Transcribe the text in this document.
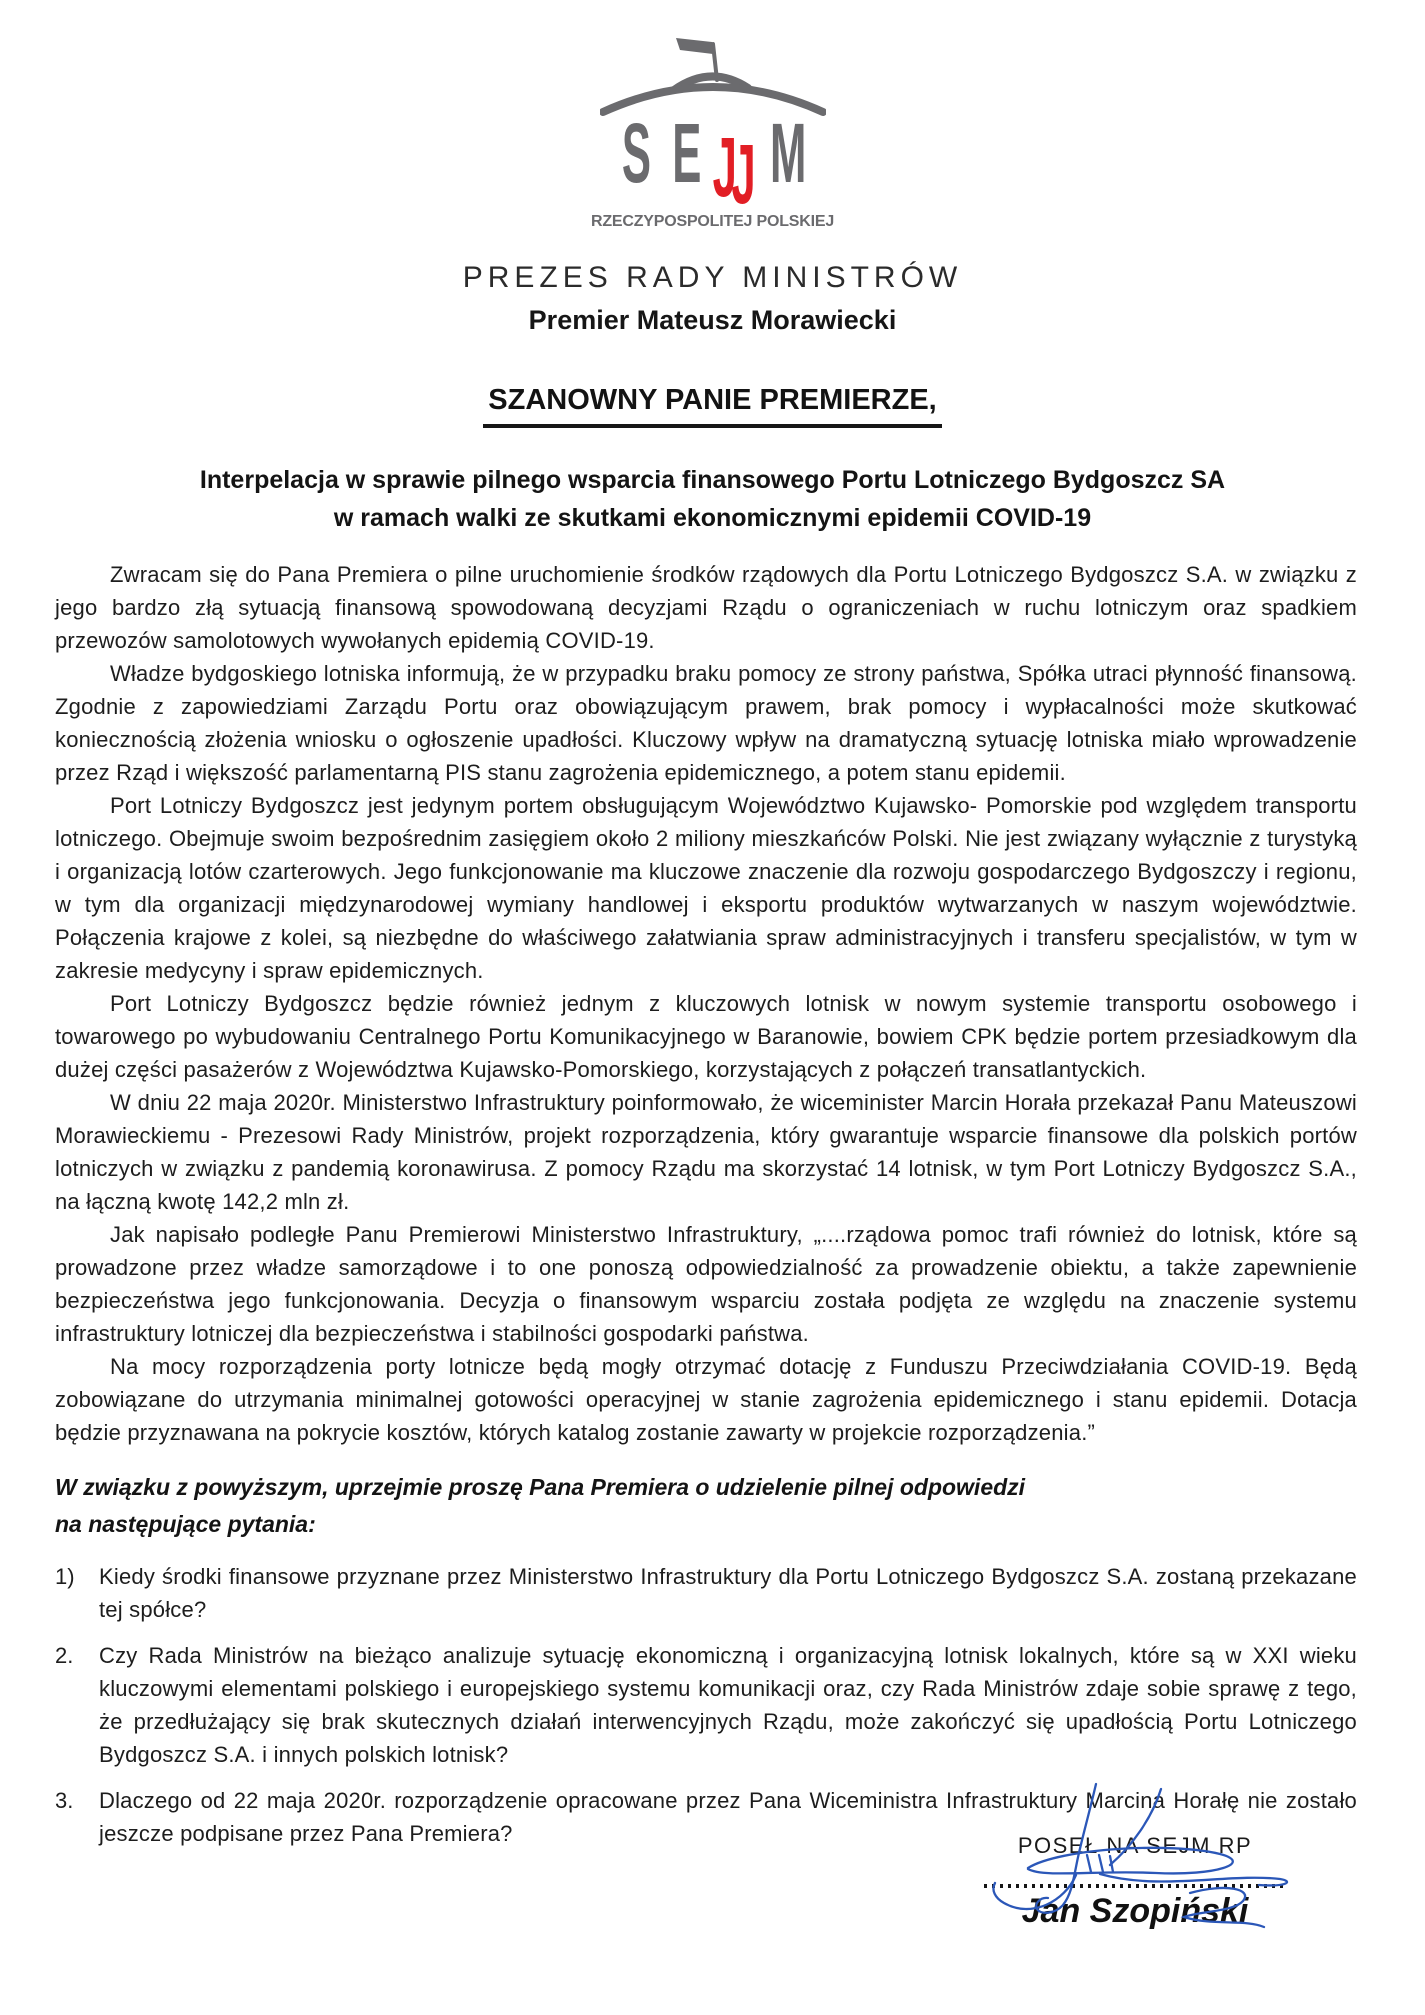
S E J
J M
RZECZYPOSPOLITEJ POLSKIEJ
PREZES RADY MINISTRÓW
Premier Mateusz Morawiecki
SZANOWNY PANIE PREMIERZE,
Interpelacja w sprawie pilnego wsparcia finansowego Portu Lotniczego Bydgoszcz SA
w ramach walki ze skutkami ekonomicznymi epidemii COVID-19

Zwracam się do Pana Premiera o pilne uruchomienie środków rządowych dla Portu Lotniczego Bydgoszcz S.A. w związku z jego bardzo złą sytuacją finansową spowodowaną decyzjami Rządu o ograniczeniach w ruchu lotniczym oraz spadkiem przewozów samolotowych wywołanych epidemią COVID-19.

Władze bydgoskiego lotniska informują, że w przypadku braku pomocy ze strony państwa, Spółka utraci płynność finansową. Zgodnie z zapowiedziami Zarządu Portu oraz obowiązującym prawem, brak pomocy i wypłacalności może skutkować koniecznością złożenia wniosku o ogłoszenie upadłości. Kluczowy wpływ na dramatyczną sytuację lotniska miało wprowadzenie przez Rząd i większość parlamentarną PIS stanu zagrożenia epidemicznego, a potem stanu epidemii.

Port Lotniczy Bydgoszcz jest jedynym portem obsługującym Województwo Kujawsko- Pomorskie pod względem transportu lotniczego. Obejmuje swoim bezpośrednim zasięgiem około 2 miliony mieszkańców Polski. Nie jest związany wyłącznie z turystyką i organizacją lotów czarterowych. Jego funkcjonowanie ma kluczowe znaczenie dla rozwoju gospodarczego Bydgoszczy i regionu, w tym dla organizacji międzynarodowej wymiany handlowej i eksportu produktów wytwarzanych w naszym województwie. Połączenia krajowe z kolei, są niezbędne do właściwego załatwiania spraw administracyjnych i transferu specjalistów, w tym w zakresie medycyny i spraw epidemicznych.

Port Lotniczy Bydgoszcz będzie również jednym z kluczowych lotnisk w nowym systemie transportu osobowego i towarowego po wybudowaniu Centralnego Portu Komunikacyjnego w Baranowie, bowiem CPK będzie portem przesiadkowym dla dużej części pasażerów z Województwa Kujawsko-Pomorskiego, korzystających z połączeń transatlantyckich.

W dniu 22 maja 2020r. Ministerstwo Infrastruktury poinformowało, że wiceminister Marcin Horała przekazał Panu Mateuszowi Morawieckiemu - Prezesowi Rady Ministrów, projekt rozporządzenia, który gwarantuje wsparcie finansowe dla polskich portów lotniczych w związku z pandemią koronawirusa. Z pomocy Rządu ma skorzystać 14 lotnisk, w tym Port Lotniczy Bydgoszcz S.A., na łączną kwotę 142,2 mln zł.

Jak napisało podległe Panu Premierowi Ministerstwo Infrastruktury, „....rządowa pomoc trafi również do lotnisk, które są prowadzone przez władze samorządowe i to one ponoszą odpowiedzialność za prowadzenie obiektu, a także zapewnienie bezpieczeństwa jego funkcjonowania. Decyzja o finansowym wsparciu została podjęta ze względu na znaczenie systemu infrastruktury lotniczej dla bezpieczeństwa i stabilności gospodarki państwa.

Na mocy rozporządzenia porty lotnicze będą mogły otrzymać dotację z Funduszu Przeciwdziałania COVID-19. Będą zobowiązane do utrzymania minimalnej gotowości operacyjnej w stanie zagrożenia epidemicznego i stanu epidemii. Dotacja będzie przyznawana na pokrycie kosztów, których katalog zostanie zawarty w projekcie rozporządzenia.”

W związku z powyższym, uprzejmie proszę Pana Premiera o udzielenie pilnej odpowiedzi na następujące pytania:
1)	Kiedy środki finansowe przyznane przez Ministerstwo Infrastruktury dla Portu Lotniczego Bydgoszcz S.A. zostaną przekazane tej spółce?
2.	Czy Rada Ministrów na bieżąco analizuje sytuację ekonomiczną i organizacyjną lotnisk lokalnych, które są w XXI wieku kluczowymi elementami polskiego i europejskiego systemu komunikacji oraz, czy Rada Ministrów zdaje sobie sprawę z tego, że przedłużający się brak skutecznych działań interwencyjnych Rządu, może zakończyć się upadłością Portu Lotniczego Bydgoszcz S.A. i innych polskich lotnisk?
3.	Dlaczego od 22 maja 2020r. rozporządzenie opracowane przez Pana Wiceministra Infrastruktury Marcina Horałę nie zostało jeszcze podpisane przez Pana Premiera?	POSEŁ NA SEJM RP
Jan Szopiński
